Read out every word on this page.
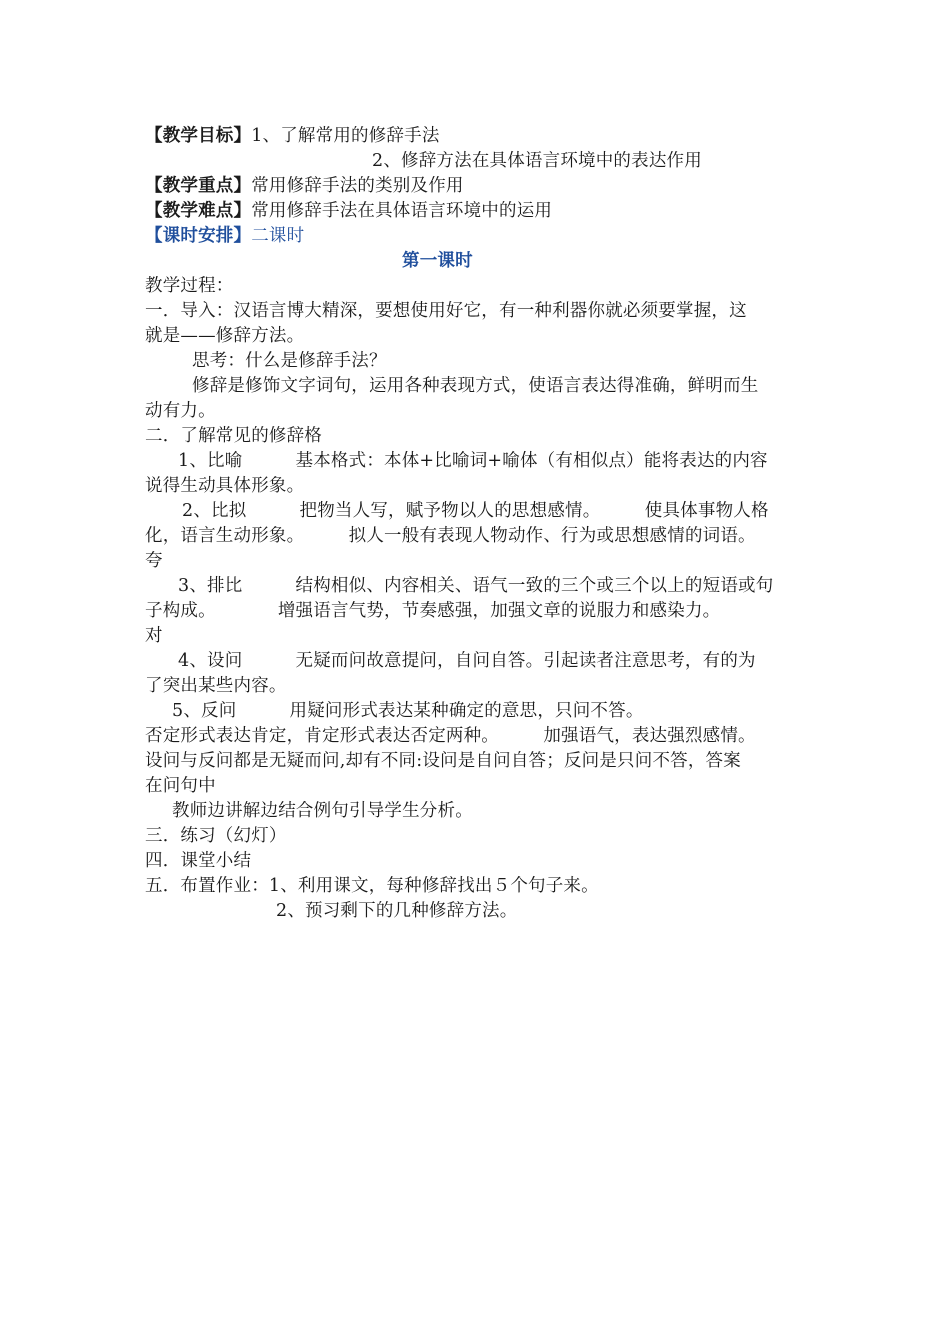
【教学目标】1、了解常用的修辞手法
2、修辞方法在具体语言环境中的表达作用
【教学重点】常用修辞手法的类别及作用
【教学难点】常用修辞手法在具体语言环境中的运用
【课时安排】二课时
第一课时
教学过程：
一．导入：汉语言博大精深，要想使用好它，有一种利器你就必须要掌握，这
就是——修辞方法。
思考：什么是修辞手法？
修辞是修饰文字词句，运用各种表现方式，使语言表达得准确，鲜明而生
动有力。
二．了解常见的修辞格
1、比喻　　　基本格式：本体+比喻词+喻体（有相似点）能将表达的内容
说得生动具体形象。
2、比拟　　　把物当人写，赋予物以人的思想感情。　　　使具体事物人格
化，语言生动形象。　　　拟人一般有表现人物动作、行为或思想感情的词语。
夸
3、排比　　　结构相似、内容相关、语气一致的三个或三个以上的短语或句
子构成。　　　　增强语言气势，节奏感强，加强文章的说服力和感染力。
对
4、设问　　　无疑而问故意提问，自问自答。引起读者注意思考，有的为
了突出某些内容。
5、反问　　　用疑问形式表达某种确定的意思，只问不答。
否定形式表达肯定，肯定形式表达否定两种。　　　加强语气，表达强烈感情。
设问与反问都是无疑而问,却有不同:设问是自问自答；反问是只问不答，答案
在问句中
教师边讲解边结合例句引导学生分析。
三．练习（幻灯）
四．课堂小结
五．布置作业：1、利用课文，每种修辞找出５个句子来。
2、预习剩下的几种修辞方法。
